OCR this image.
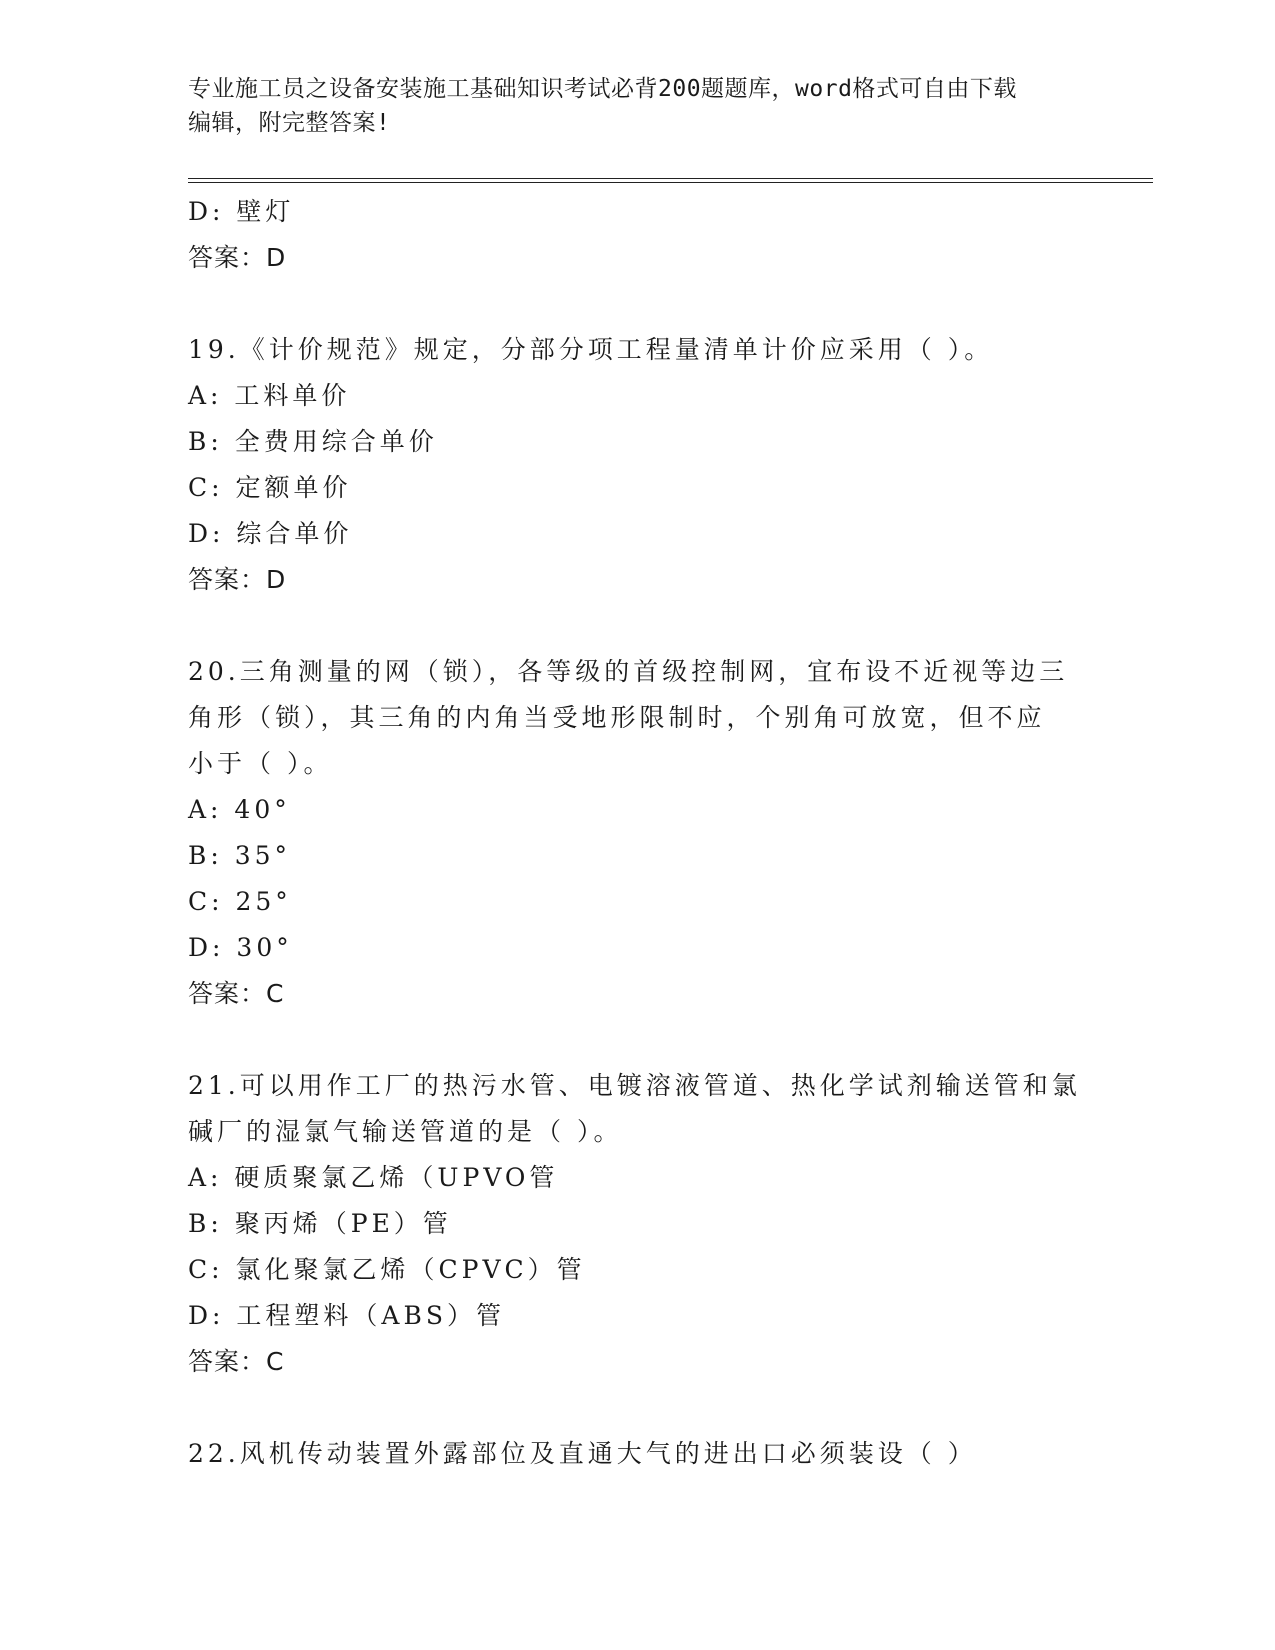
专业施工员之设备安装施工基础知识考试必背200题题库，word格式可自由下载
编辑，附完整答案!
D: 壁灯
答案：D
19.《计价规范》规定，分部分项工程量清单计价应采用（ ）。
A: 工料单价
B: 全费用综合单价
C: 定额单价
D: 综合单价
答案：D
20.三角测量的网（锁），各等级的首级控制网，宜布设不近视等边三
角形（锁），其三角的内角当受地形限制时，个别角可放宽，但不应
小于（ ）。
A: 40°
B: 35°
C: 25°
D: 30°
答案：C
21.可以用作工厂的热污水管、电镀溶液管道、热化学试剂输送管和氯
碱厂的湿氯气输送管道的是（ ）。
A: 硬质聚氯乙烯（UPVO管
B: 聚丙烯（PE）管
C: 氯化聚氯乙烯（CPVC）管
D: 工程塑料（ABS）管
答案：C
22.风机传动装置外露部位及直通大气的进出口必须装设（ ）
